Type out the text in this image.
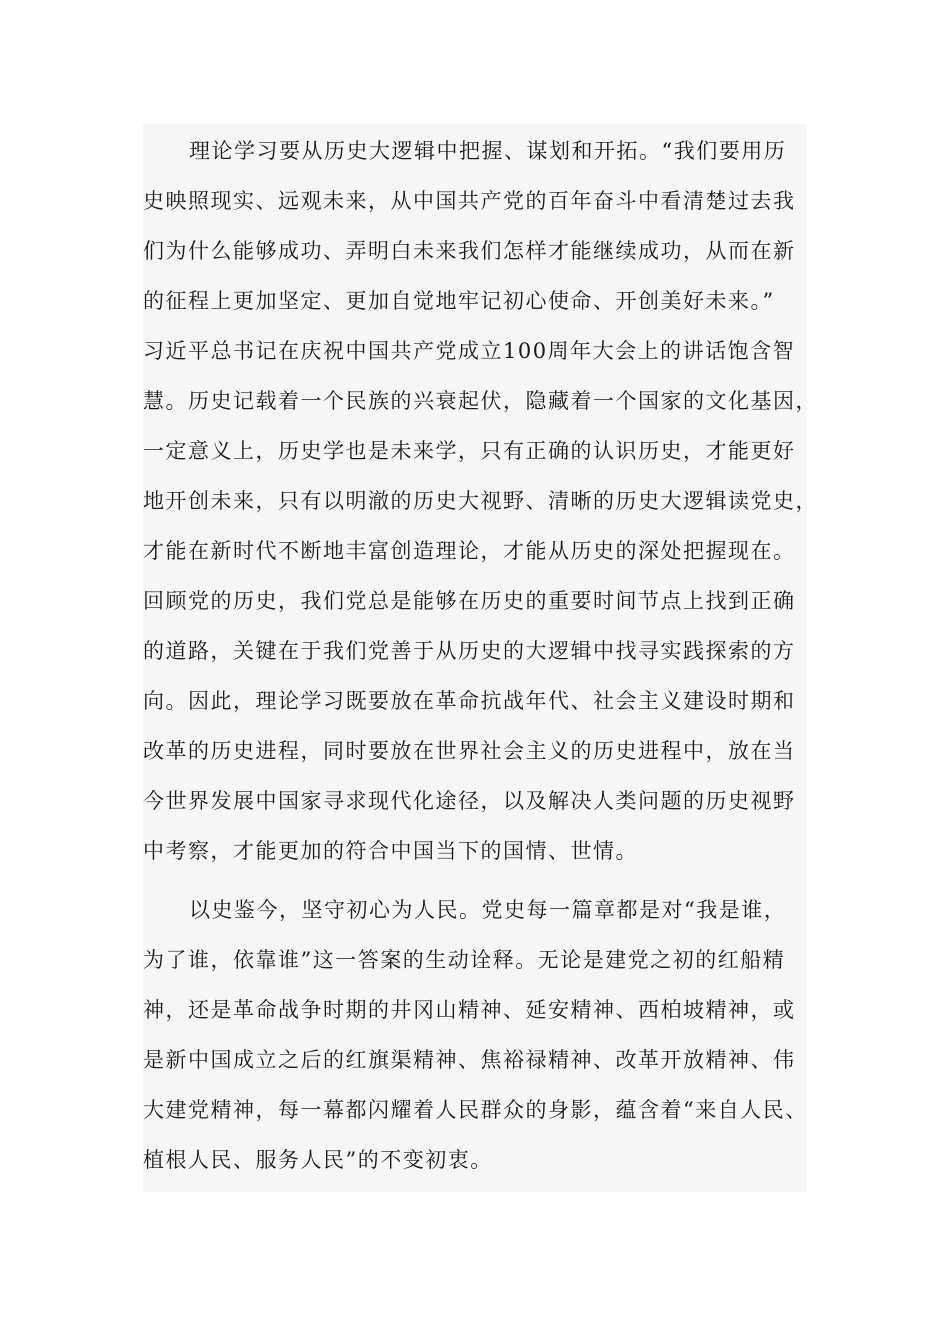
理论学习要从历史大逻辑中把握、谋划和开拓。“我们要用历
史映照现实、远观未来，从中国共产党的百年奋斗中看清楚过去我
们为什么能够成功、弄明白未来我们怎样才能继续成功，从而在新
的征程上更加坚定、更加自觉地牢记初心使命、开创美好未来。”
习近平总书记在庆祝中国共产党成立100周年大会上的讲话饱含智
慧。历史记载着一个民族的兴衰起伏，隐藏着一个国家的文化基因，
一定意义上，历史学也是未来学，只有正确的认识历史，才能更好
地开创未来，只有以明澈的历史大视野、清晰的历史大逻辑读党史，
才能在新时代不断地丰富创造理论，才能从历史的深处把握现在。
回顾党的历史，我们党总是能够在历史的重要时间节点上找到正确
的道路，关键在于我们党善于从历史的大逻辑中找寻实践探索的方
向。因此，理论学习既要放在革命抗战年代、社会主义建设时期和
改革的历史进程，同时要放在世界社会主义的历史进程中，放在当
今世界发展中国家寻求现代化途径，以及解决人类问题的历史视野
中考察，才能更加的符合中国当下的国情、世情。
以史鉴今，坚守初心为人民。党史每一篇章都是对“我是谁，
为了谁，依靠谁”这一答案的生动诠释。无论是建党之初的红船精
神，还是革命战争时期的井冈山精神、延安精神、西柏坡精神，或
是新中国成立之后的红旗渠精神、焦裕禄精神、改革开放精神、伟
大建党精神，每一幕都闪耀着人民群众的身影，蕴含着“来自人民、
植根人民、服务人民”的不变初衷。
